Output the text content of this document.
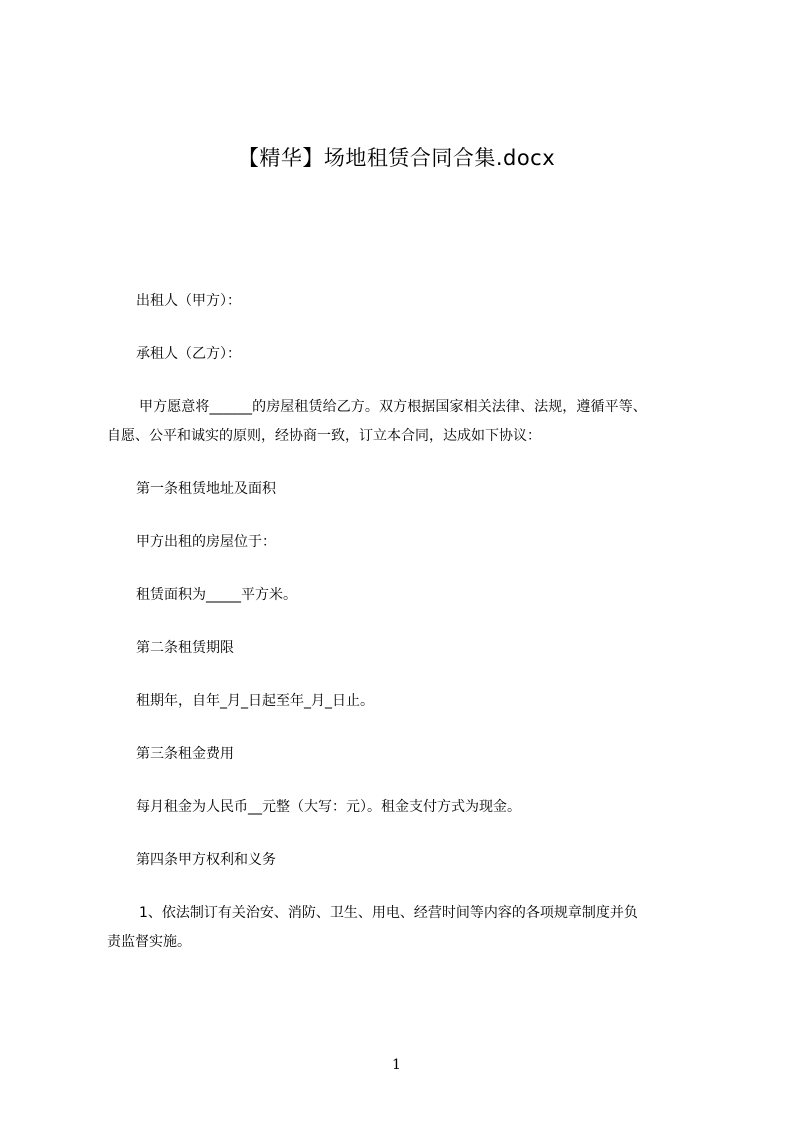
【精华】场地租赁合同合集.docx
出租人（甲方）：
承租人（乙方）：
甲方愿意将______的房屋租赁给乙方。双方根据国家相关法律、法规，遵循平等、
自愿、公平和诚实的原则，经协商一致，订立本合同，达成如下协议：
第一条租赁地址及面积
甲方出租的房屋位于：
租赁面积为_____平方米。
第二条租赁期限
租期年，自年_月_日起至年_月_日止。
第三条租金费用
每月租金为人民币__元整（大写：元）。租金支付方式为现金。
第四条甲方权利和义务
1、依法制订有关治安、消防、卫生、用电、经营时间等内容的各项规章制度并负
责监督实施。
1
